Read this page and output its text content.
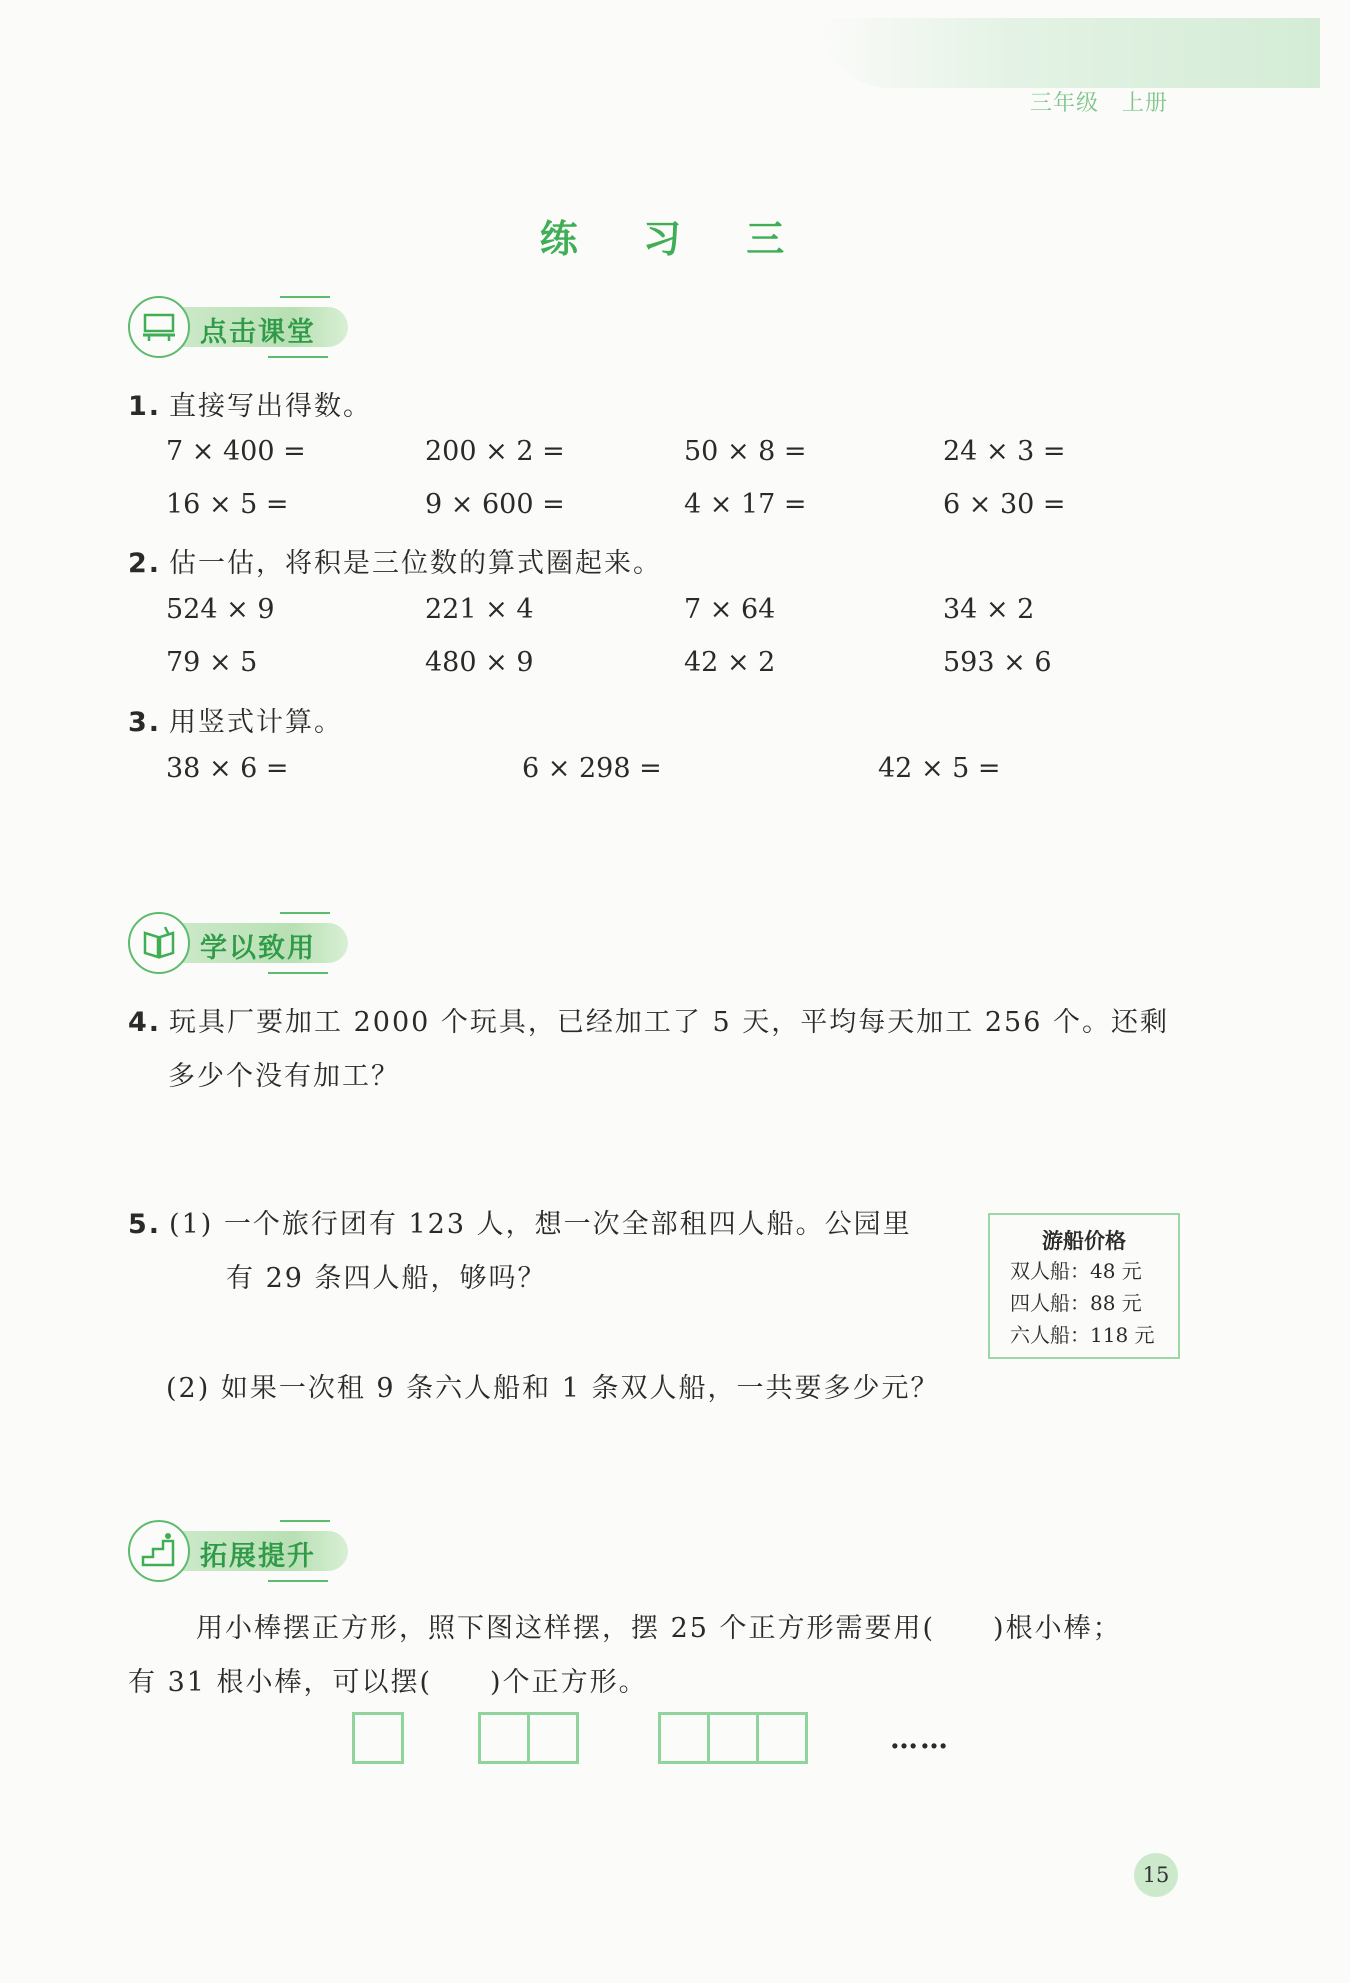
三年级　上册
练 习 三
点击课堂
1. 直接写出得数。
7 × 400 =	200 × 2 =	50 × 8 =	24 × 3 =
16 × 5 =	9 × 600 =	4 × 17 =	6 × 30 =
2. 估一估，将积是三位数的算式圈起来。
524 × 9	221 × 4	7 × 64	34 × 2
79 × 5	480 × 9	42 × 2	593 × 6
3. 用竖式计算。
38 × 6 =	6 × 298 =	42 × 5 =
学以致用
4. 玩具厂要加工 2000 个玩具，已经加工了 5 天，平均每天加工 256 个。还剩
多少个没有加工？
5. (1) 一个旅行团有 123 人，想一次全部租四人船。公园里
有 29 条四人船，够吗？
(2) 如果一次租 9 条六人船和 1 条双人船，一共要多少元？
游船价格
双人船：48 元
四人船：88 元
六人船：118 元
拓展提升
用小棒摆正方形，照下图这样摆，摆 25 个正方形需要用(　　)根小棒；
有 31 根小棒，可以摆(　　)个正方形。
……
15
